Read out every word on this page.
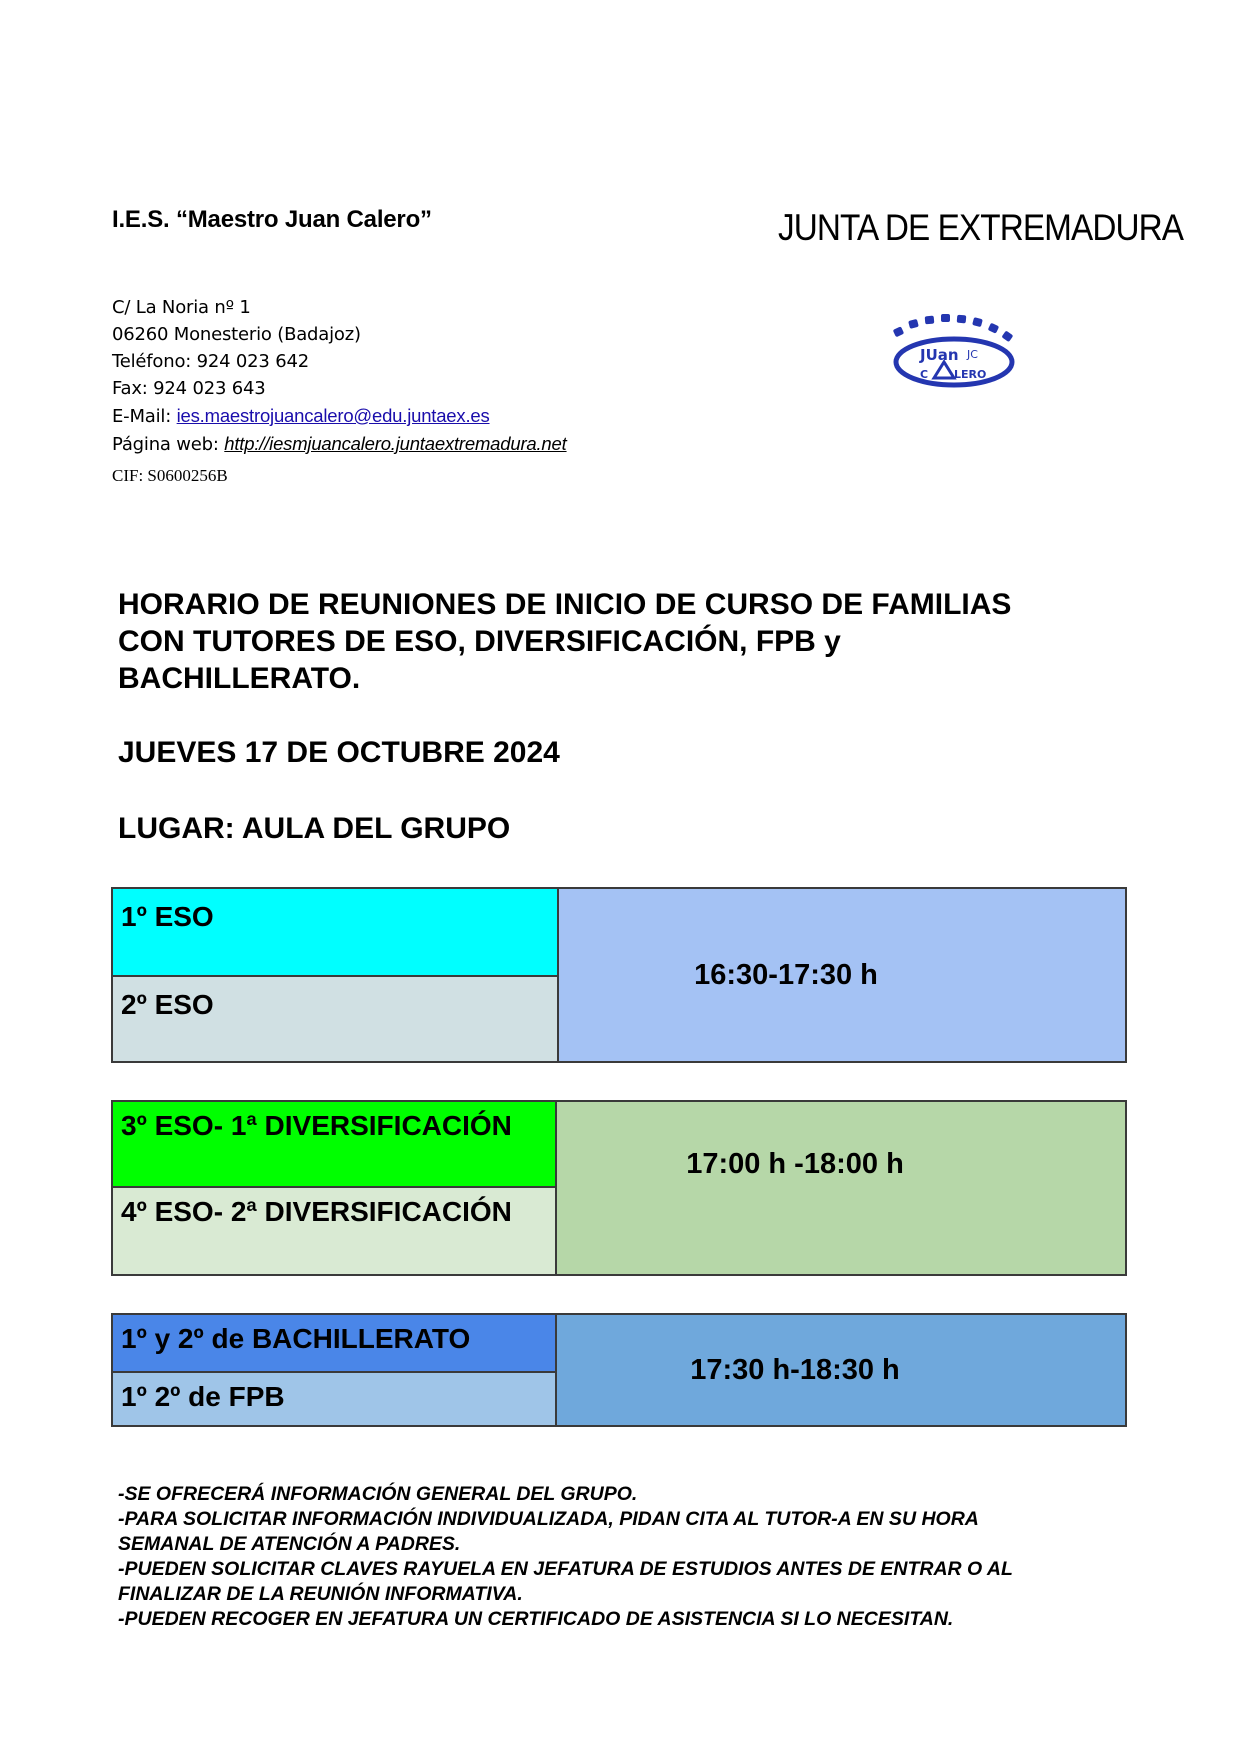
I.E.S. “Maestro Juan Calero”	JUNTA DE EXTREMADURA
C/ La Noria nº 1
06260 Monesterio (Badajoz)
Teléfono: 924 023 642
Fax: 924 023 643
E-Mail: ies.maestrojuancalero@edu.juntaex.es
Página web: http://iesmjuancalero.juntaextremadura.net
CIF: S0600256B
JUan JC
LERO
C
HORARIO DE REUNIONES DE INICIO DE CURSO DE FAMILIAS
CON TUTORES DE ESO, DIVERSIFICACIÓN, FPB y
BACHILLERATO.
JUEVES 17 DE OCTUBRE 2024
LUGAR: AULA DEL GRUPO
1º ESO	16:30-17:30 h
2º ESO
3º ESO- 1ª DIVERSIFICACIÓN	17:00 h -18:00 h
4º ESO- 2ª DIVERSIFICACIÓN
1º y 2º de BACHILLERATO	17:30 h-18:30 h
1º 2º de FPB
-SE OFRECERÁ INFORMACIÓN GENERAL DEL GRUPO.
-PARA SOLICITAR INFORMACIÓN INDIVIDUALIZADA, PIDAN CITA AL TUTOR-A EN SU HORA SEMANAL DE ATENCIÓN A PADRES.
-PUEDEN SOLICITAR CLAVES RAYUELA EN JEFATURA DE ESTUDIOS ANTES DE ENTRAR O AL FINALIZAR DE LA REUNIÓN INFORMATIVA.
-PUEDEN RECOGER EN JEFATURA UN CERTIFICADO DE ASISTENCIA SI LO NECESITAN.
